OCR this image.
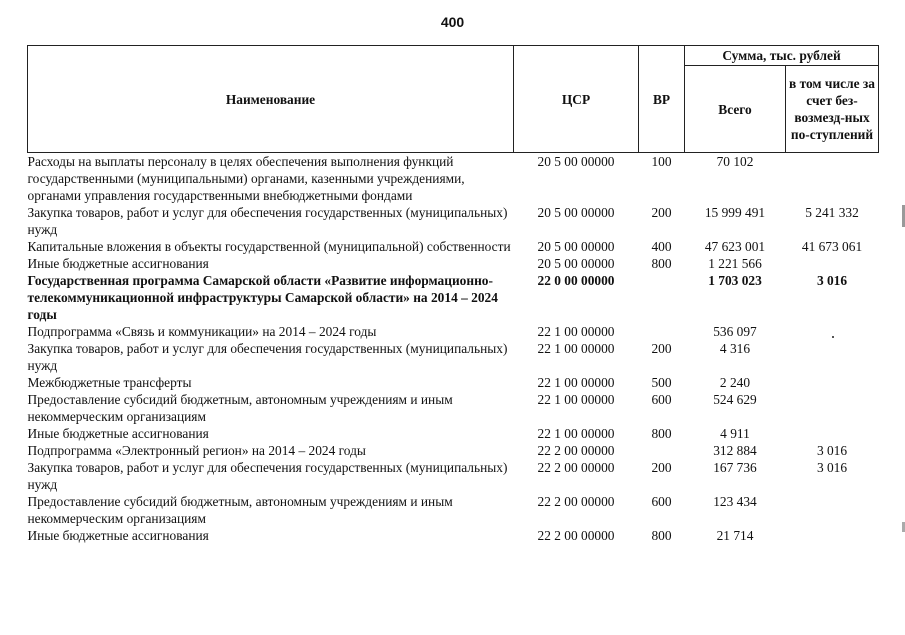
400
Наименование	ЦСР	ВР	Сумма, тыс. рублей	
			Всего	в том числе за счет без-возмезд-ных по-ступлений
Расходы на выплаты персоналу в целях обеспечения выполнения функций государственными (муниципальными) органами, казенными учреждениями, органами управления государственными внебюджетными фондами	20 5 00 00000	100	70 102	
Закупка товаров, работ и услуг для обеспечения государственных (муниципальных) нужд	20 5 00 00000	200	15 999 491	5 241 332
Капитальные вложения в объекты государственной (муниципальной) собственности	20 5 00 00000	400	47 623 001	41 673 061
Иные бюджетные ассигнования	20 5 00 00000	800	1 221 566	
Государственная программа Самарской области «Развитие информационно-телекоммуникационной инфраструктуры Самарской области» на 2014 – 2024 годы	22 0 00 00000		1 703 023	3 016
Подпрограмма «Связь и коммуникации» на 2014 – 2024 годы	22 1 00 00000		536 097	
Закупка товаров, работ и услуг для обеспечения государственных (муниципальных) нужд	22 1 00 00000	200	4 316	
Межбюджетные трансферты	22 1 00 00000	500	2 240	
Предоставление субсидий бюджетным, автономным учреждениям и иным некоммерческим организациям	22 1 00 00000	600	524 629	
Иные бюджетные ассигнования	22 1 00 00000	800	4 911	
Подпрограмма «Электронный регион» на 2014 – 2024 годы	22 2 00 00000		312 884	3 016
Закупка товаров, работ и услуг для обеспечения государственных (муниципальных) нужд	22 2 00 00000	200	167 736	3 016
Предоставление субсидий бюджетным, автономным учреждениям и иным некоммерческим организациям	22 2 00 00000	600	123 434	
Иные бюджетные ассигнования	22 2 00 00000	800	21 714	
